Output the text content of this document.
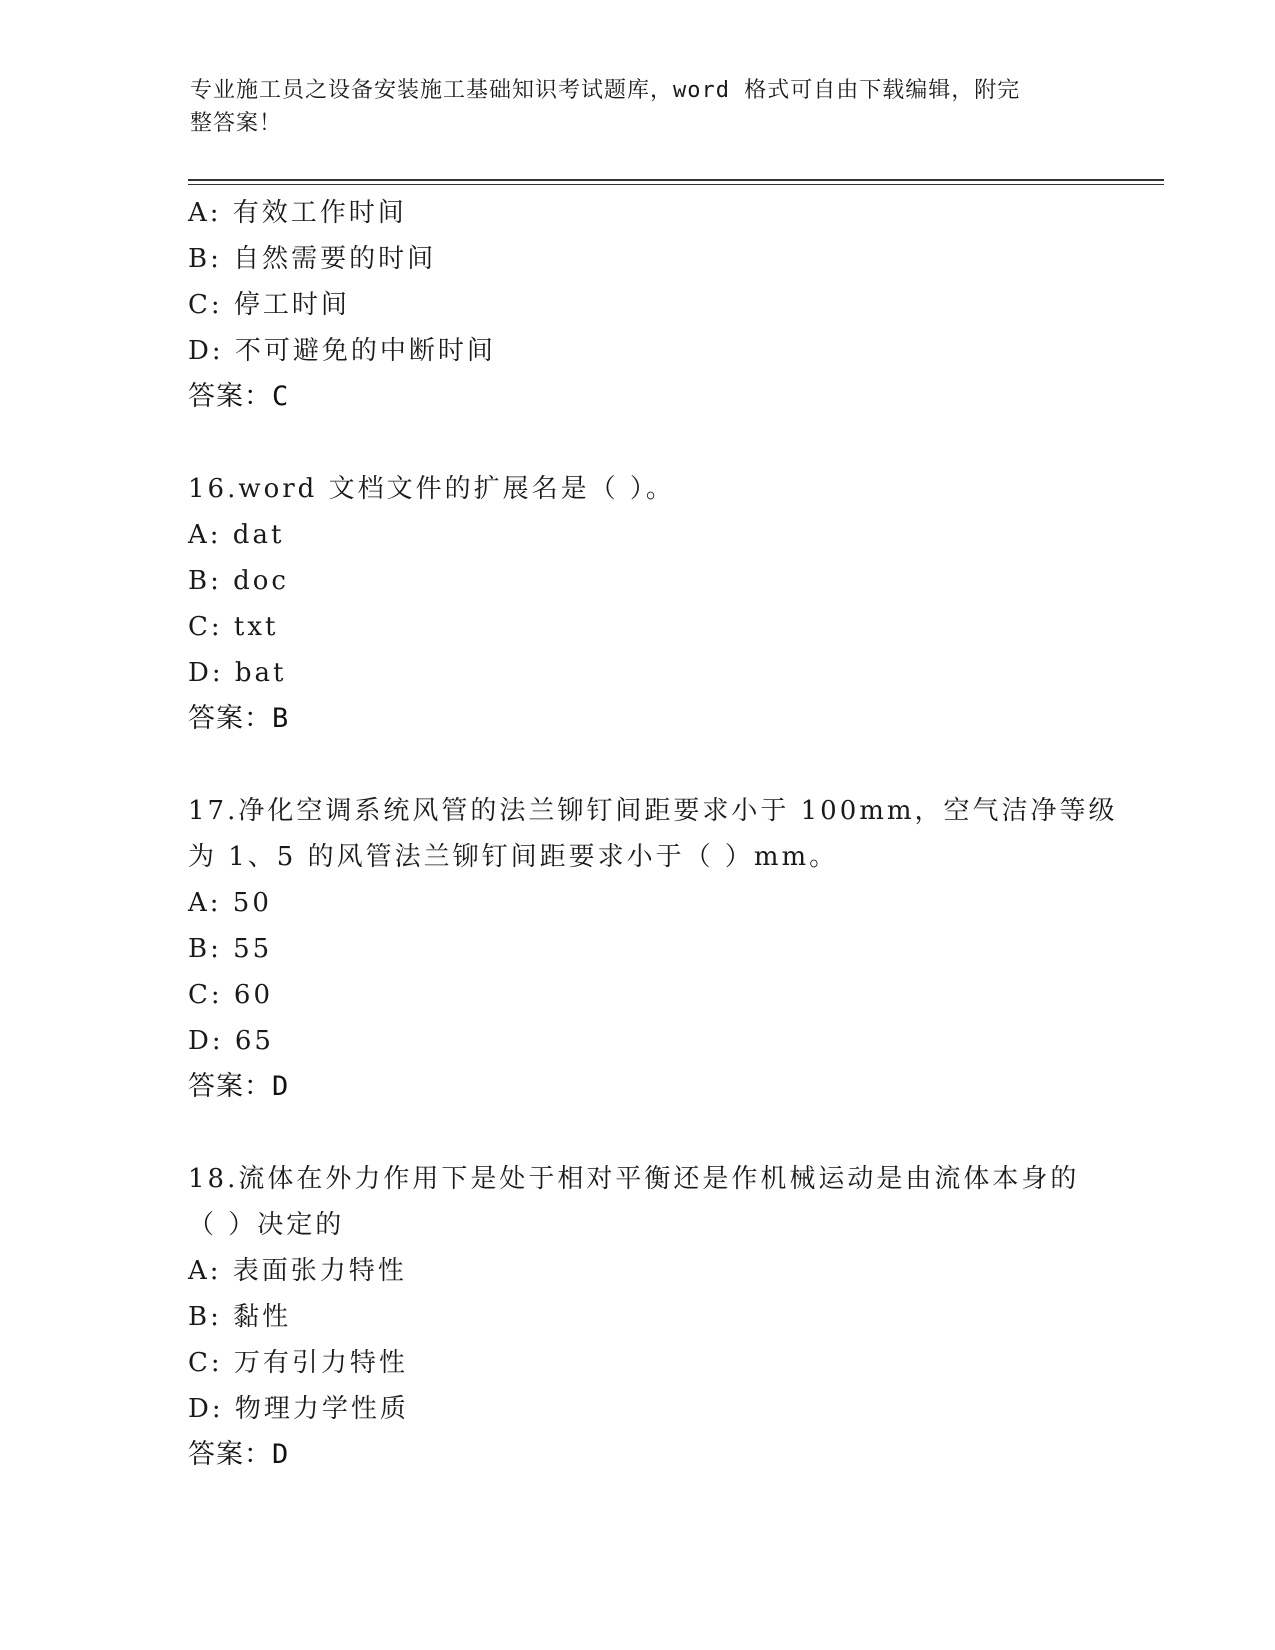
专业施工员之设备安装施工基础知识考试题库，word 格式可自由下载编辑，附完
整答案！
A: 有效工作时间
B: 自然需要的时间
C: 停工时间
D: 不可避免的中断时间
答案：C
16.word 文档文件的扩展名是（ ）。
A: dat
B: doc
C: txt
D: bat
答案：B
17.净化空调系统风管的法兰铆钉间距要求小于 100mm，空气洁净等级
为 1、5 的风管法兰铆钉间距要求小于（ ）mm。
A: 50
B: 55
C: 60
D: 65
答案：D
18.流体在外力作用下是处于相对平衡还是作机械运动是由流体本身的
（ ）决定的
A: 表面张力特性
B: 黏性
C: 万有引力特性
D: 物理力学性质
答案：D
